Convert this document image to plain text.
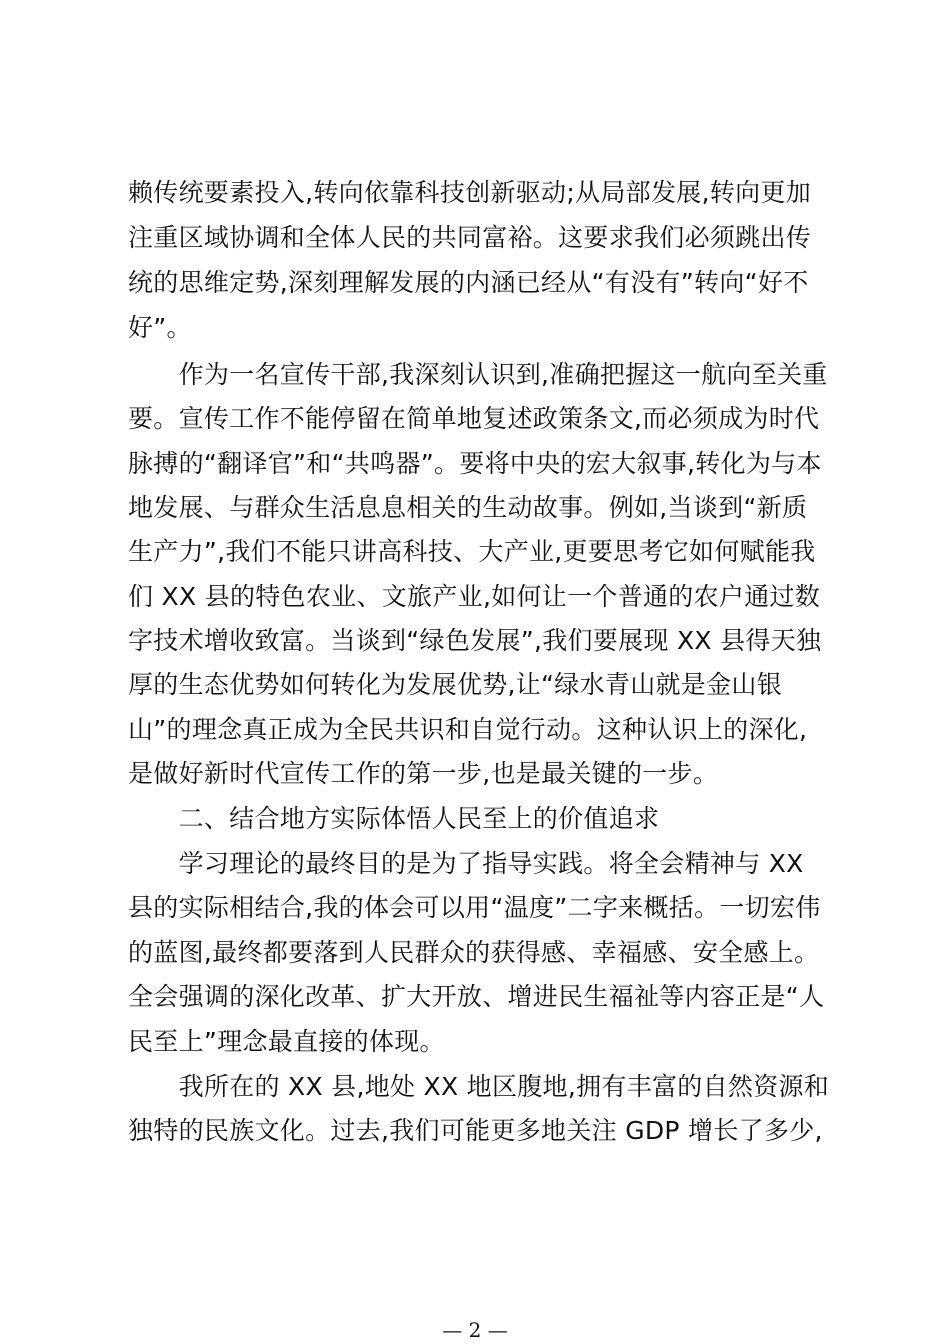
赖传统要素投入,转向依靠科技创新驱动;从局部发展,转向更加
注重区域协调和全体人民的共同富裕。这要求我们必须跳出传
统的思维定势,深刻理解发展的内涵已经从“有没有”转向“好不
好”。
　　作为一名宣传干部,我深刻认识到,准确把握这一航向至关重
要。宣传工作不能停留在简单地复述政策条文,而必须成为时代
脉搏的“翻译官”和“共鸣器”。要将中央的宏大叙事,转化为与本
地发展、与群众生活息息相关的生动故事。例如,当谈到“新质
生产力”,我们不能只讲高科技、大产业,更要思考它如何赋能我
们 XX 县的特色农业、文旅产业,如何让一个普通的农户通过数
字技术增收致富。当谈到“绿色发展”,我们要展现 XX 县得天独
厚的生态优势如何转化为发展优势,让“绿水青山就是金山银
山”的理念真正成为全民共识和自觉行动。这种认识上的深化,
是做好新时代宣传工作的第一步,也是最关键的一步。
　　二、结合地方实际体悟人民至上的价值追求
　　学习理论的最终目的是为了指导实践。将全会精神与 XX
县的实际相结合,我的体会可以用“温度”二字来概括。一切宏伟
的蓝图,最终都要落到人民群众的获得感、幸福感、安全感上。
全会强调的深化改革、扩大开放、增进民生福祉等内容正是“人
民至上”理念最直接的体现。
　　我所在的 XX 县,地处 XX 地区腹地,拥有丰富的自然资源和
独特的民族文化。过去,我们可能更多地关注 GDP 增长了多少,
— 2 —
